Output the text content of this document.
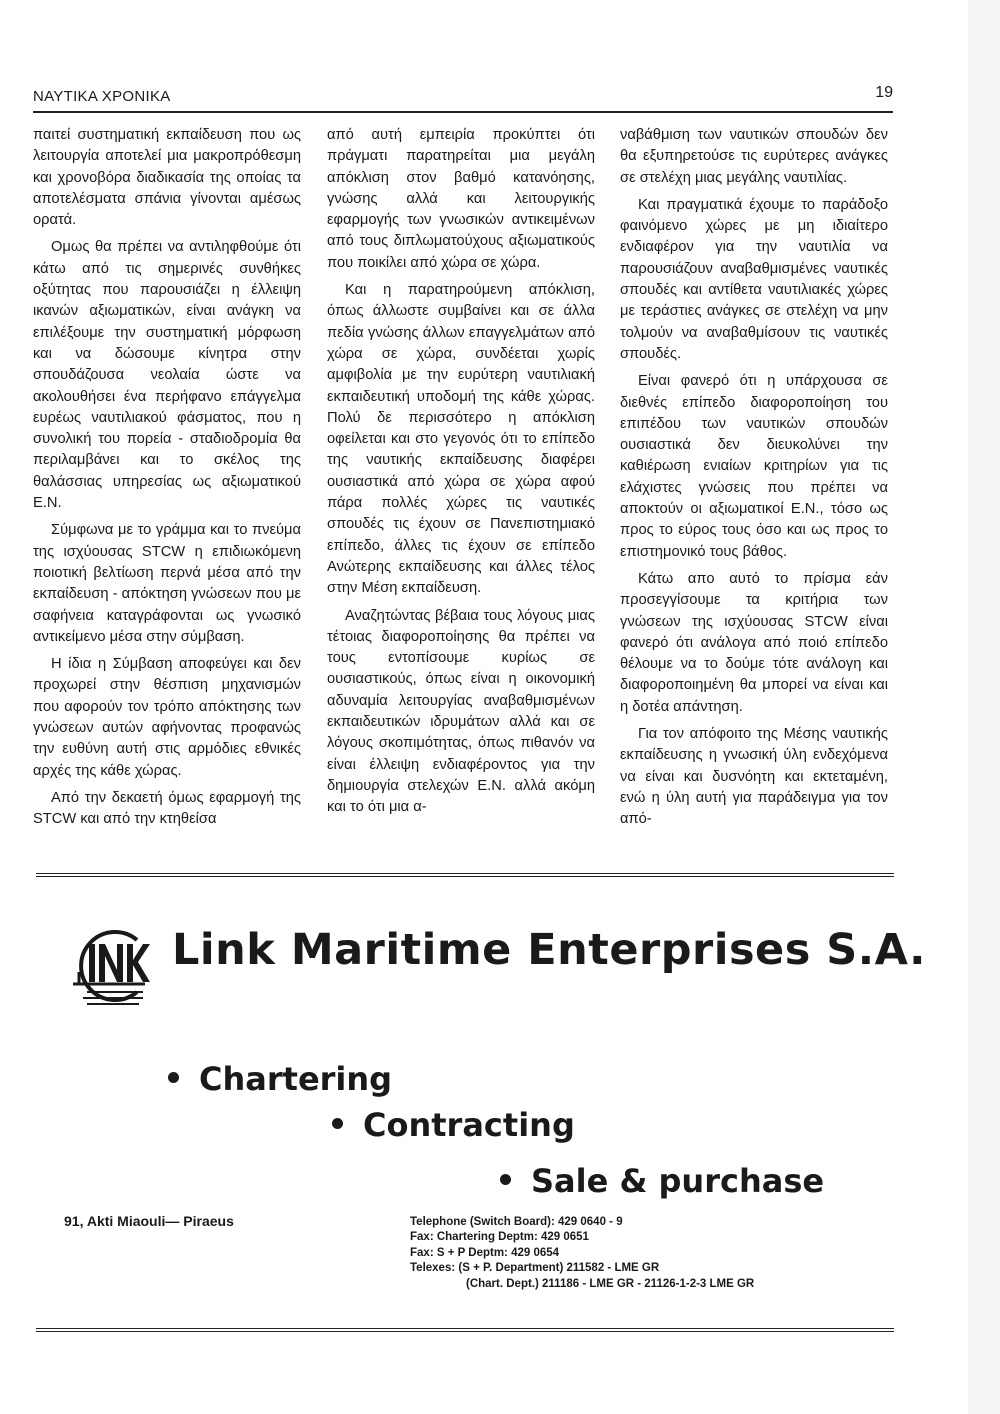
ΝΑΥΤΙΚΑ ΧΡΟΝΙΚΑ	19

παιτεί συστηματική εκπαίδευση που ως λειτουργία αποτελεί μια μακροπρόθεσμη και χρονοβόρα διαδικασία της οποίας τα αποτελέσματα σπάνια γίνονται αμέσως ορατά.

Ομως θα πρέπει να αντιληφθούμε ότι κάτω από τις σημερινές συνθήκες οξύτητας που παρουσιάζει η έλλειψη ικανών αξιωματικών, είναι ανάγκη να επιλέξουμε την συστηματική μόρφωση και να δώσουμε κίνητρα στην σπουδάζουσα νεολαία ώστε να ακολουθήσει ένα περήφανο επάγγελμα ευρέως ναυτιλιακού φάσματος, που η συνολική του πορεία - σταδιοδρομία θα περιλαμβάνει και το σκέλος της θαλάσσιας υπηρεσίας ως αξιωματικού Ε.Ν.

Σύμφωνα με το γράμμα και το πνεύμα της ισχύουσας STCW η επιδιωκόμενη ποιοτική βελτίωση περνά μέσα από την εκπαίδευση - απόκτηση γνώσεων που με σαφήνεια καταγράφονται ως γνωσικό αντικείμενο μέσα στην σύμβαση.

Η ίδια η Σύμβαση αποφεύγει και δεν προχωρεί στην θέσπιση μηχανισμών που αφορούν τον τρόπο απόκτησης των γνώσεων αυτών αφήνοντας προφανώς την ευθύνη αυτή στις αρμόδιες εθνικές αρχές της κάθε χώρας.

Από την δεκαετή όμως εφαρμογή της STCW και από την κτηθείσα

από αυτή εμπειρία προκύπτει ότι πράγματι παρατηρείται μια μεγάλη απόκλιση στον βαθμό κατανόησης, γνώσης αλλά και λειτουργικής εφαρμογής των γνωσικών αντικειμένων από τους διπλωματούχους αξιωματικούς που ποικίλει από χώρα σε χώρα.

Και η παρατηρούμενη απόκλιση, όπως άλλωστε συμβαίνει και σε άλλα πεδία γνώσης άλλων επαγγελμάτων από χώρα σε χώρα, συνδέεται χωρίς αμφιβολία με την ευρύτερη ναυτιλιακή εκπαιδευτική υποδομή της κάθε χώρας. Πολύ δε περισσότερο η απόκλιση οφείλεται και στο γεγονός ότι το επίπεδο της ναυτικής εκπαίδευσης διαφέρει ουσιαστικά από χώρα σε χώρα αφού πάρα πολλές χώρες τις ναυτικές σπουδές τις έχουν σε Πανεπιστημιακό επίπεδο, άλλες τις έχουν σε επίπεδο Ανώτερης εκπαίδευσης και άλλες τέλος στην Μέση εκπαίδευση.

Αναζητώντας βέβαια τους λόγους μιας τέτοιας διαφοροποίησης θα πρέπει να τους εντοπίσουμε κυρίως σε ουσιαστικούς, όπως είναι η οικονομική αδυναμία λειτουργίας αναβαθμισμένων εκπαιδευτικών ιδρυμάτων αλλά και σε λόγους σκοπιμότητας, όπως πιθανόν να είναι έλλειψη ενδιαφέροντος για την δημιουργία στελεχών Ε.Ν. αλλά ακόμη και το ότι μια α-

ναβάθμιση των ναυτικών σπουδών δεν θα εξυπηρετούσε τις ευρύτερες ανάγκες σε στελέχη μιας μεγάλης ναυτιλίας.

Και πραγματικά έχουμε το παράδοξο φαινόμενο χώρες με μη ιδιαίτερο ενδιαφέρον για την ναυτιλία να παρουσιάζουν αναβαθμισμένες ναυτικές σπουδές και αντίθετα ναυτιλιακές χώρες με τεράστιες ανάγκες σε στελέχη να μην τολμούν να αναβαθμίσουν τις ναυτικές σπουδές.

Είναι φανερό ότι η υπάρχουσα σε διεθνές επίπεδο διαφοροποίηση του επιπέδου των ναυτικών σπουδών ουσιαστικά δεν διευκολύνει την καθιέρωση ενιαίων κριτηρίων για τις ελάχιστες γνώσεις που πρέπει να αποκτούν οι αξιωματικοί Ε.Ν., τόσο ως προς το εύρος τους όσο και ως προς το επιστημονικό τους βάθος.

Κάτω απο αυτό το πρίσμα εάν προσεγγίσουμε τα κριτήρια των γνώσεων της ισχύουσας STCW είναι φανερό ότι ανάλογα από ποιό επίπεδο θέλουμε να το δούμε τότε ανάλογη και διαφοροποιημένη θα μπορεί να είναι και η δοτέα απάντηση.

Για τον απόφοιτο της Μέσης ναυτικής εκπαίδευσης η γνωσική ύλη ενδεχόμενα να είναι και δυσνόητη και εκτεταμένη, ενώ η ύλη αυτή για παράδειγμα για τον από-

Link Maritime Enterprises S.A.
Chartering
Contracting
Sale & purchase
91, Akti Miaouli— Piraeus	Telephone (Switch Board): 429 0640 - 9
Fax: Chartering Deptm: 429 0651
Fax: S + P Deptm: 429 0654
Telexes: (S + P. Department) 211582 - LME GR
(Chart. Dept.) 211186 - LME GR - 21126-1-2-3 LME GR
